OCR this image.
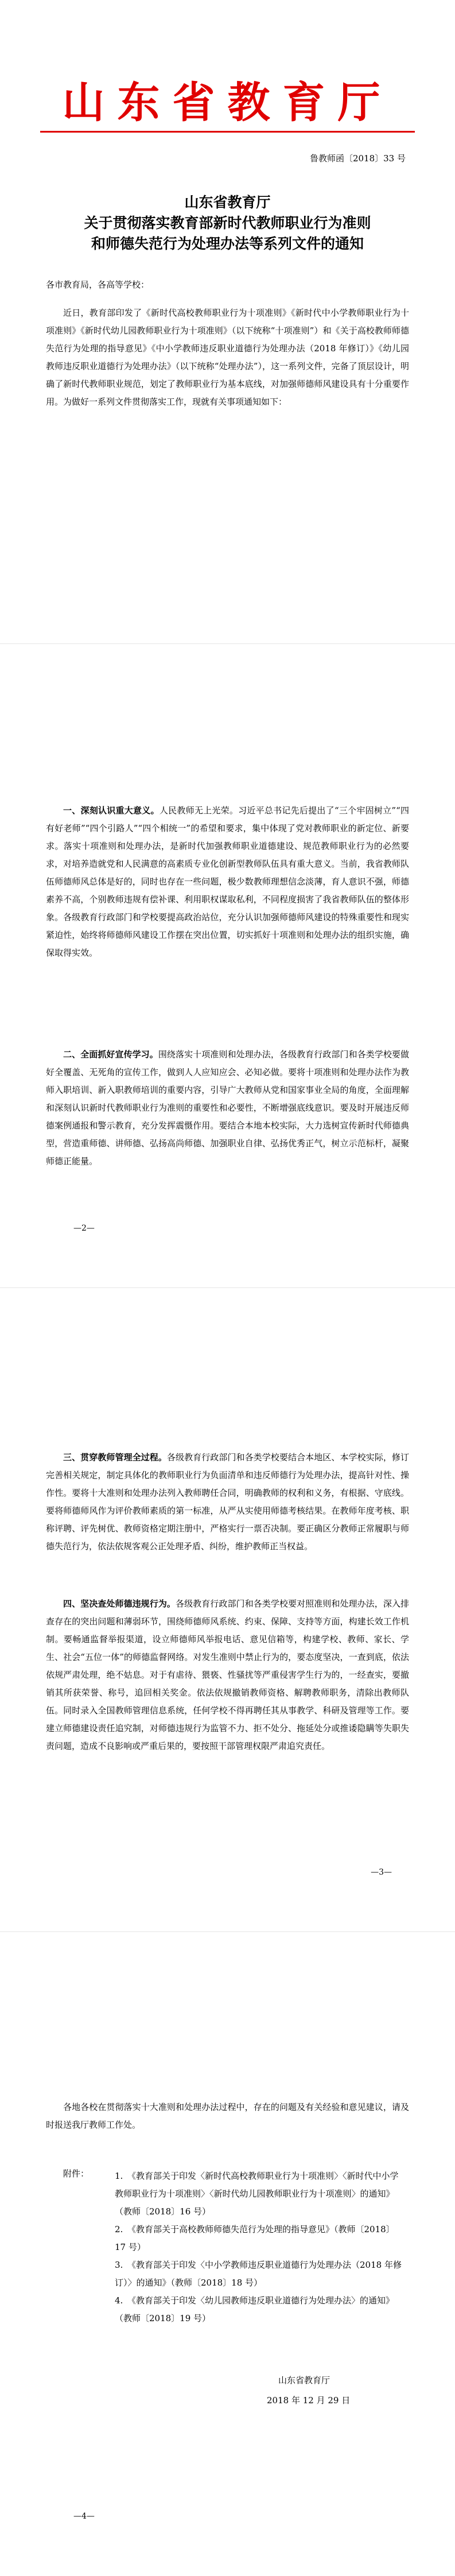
山东省教育厅
鲁教师函〔2018〕33 号
山东省教育厅
关于贯彻落实教育部新时代教师职业行为准则
和师德失范行为处理办法等系列文件的通知
各市教育局，各高等学校：
近日，教育部印发了《新时代高校教师职业行为十项准则》《新时代中小学教师职业行为十项准则》《新时代幼儿园教师职业行为十项准则》（以下统称“十项准则”）和《关于高校教师师德失范行为处理的指导意见》《中小学教师违反职业道德行为处理办法（2018 年修订）》《幼儿园教师违反职业道德行为处理办法》（以下统称“处理办法”），这一系列文件，完备了顶层设计，明确了新时代教师职业规范，划定了教师职业行为基本底线，对加强师德师风建设具有十分重要作用。为做好一系列文件贯彻落实工作，现就有关事项通知如下：
一、深刻认识重大意义。人民教师无上光荣。习近平总书记先后提出了“三个牢固树立”“四有好老师”“四个引路人”“四个相统一”的希望和要求，集中体现了党对教师职业的新定位、新要求。落实十项准则和处理办法，是新时代加强教师职业道德建设、规范教师职业行为的必然要求，对培养造就党和人民满意的高素质专业化创新型教师队伍具有重大意义。当前，我省教师队伍师德师风总体是好的，同时也存在一些问题，极少数教师理想信念淡薄，育人意识不强，师德素养不高，个别教师违规有偿补课、利用职权谋取私利，不同程度损害了我省教师队伍的整体形象。各级教育行政部门和学校要提高政治站位，充分认识加强师德师风建设的特殊重要性和现实紧迫性，始终将师德师风建设工作摆在突出位置，切实抓好十项准则和处理办法的组织实施，确保取得实效。
二、全面抓好宣传学习。围绕落实十项准则和处理办法，各级教育行政部门和各类学校要做好全覆盖、无死角的宣传工作，做到人人应知应会、必知必做。要将十项准则和处理办法作为教师入职培训、新入职教师培训的重要内容，引导广大教师从党和国家事业全局的角度，全面理解和深刻认识新时代教师职业行为准则的重要性和必要性，不断增强底线意识。要及时开展违反师德案例通报和警示教育，充分发挥震慑作用。要结合本地本校实际，大力选树宣传新时代师德典型，营造重师德、讲师德、弘扬高尚师德、加强职业自律、弘扬优秀正气，树立示范标杆，凝聚师德正能量。
—2—
三、贯穿教师管理全过程。各级教育行政部门和各类学校要结合本地区、本学校实际，修订完善相关规定，制定具体化的教师职业行为负面清单和违反师德行为处理办法，提高针对性、操作性。要将十大准则和处理办法列入教师聘任合同，明确教师的权利和义务，有根据、守底线。要将师德师风作为评价教师素质的第一标准，从严从实使用师德考核结果。在教师年度考核、职称评聘、评先树优、教师资格定期注册中，严格实行一票否决制。要正确区分教师正常履职与师德失范行为，依法依规客观公正处理矛盾、纠纷，维护教师正当权益。
四、坚决查处师德违规行为。各级教育行政部门和各类学校要对照准则和处理办法，深入排查存在的突出问题和薄弱环节，围绕师德师风系统、约束、保障、支持等方面，构建长效工作机制。要畅通监督举报渠道，设立师德师风举报电话、意见信箱等，构建学校、教师、家长、学生、社会“五位一体”的师德监督网络。对发生准则中禁止行为的，要态度坚决，一查到底，依法依规严肃处理，绝不姑息。对于有虐待、猥亵、性骚扰等严重侵害学生行为的，一经查实，要撤销其所获荣誉、称号，追回相关奖金。依法依规撤销教师资格、解聘教师职务，清除出教师队伍。同时录入全国教师管理信息系统，任何学校不得再聘任其从事教学、科研及管理等工作。要建立师德建设责任追究制，对师德违规行为监管不力、拒不处分、拖延处分或推诿隐瞒等失职失责问题，造成不良影响或严重后果的，要按照干部管理权限严肃追究责任。
—3—
各地各校在贯彻落实十大准则和处理办法过程中，存在的问题及有关经验和意见建议，请及时报送我厅教师工作处。
附件：	1. 《教育部关于印发〈新时代高校教师职业行为十项准则〉〈新时代中小学教师职业行为十项准则〉〈新时代幼儿园教师职业行为十项准则〉的通知》（教师〔2018〕16 号）
2. 《教育部关于高校教师师德失范行为处理的指导意见》（教师〔2018〕17 号）
3. 《教育部关于印发〈中小学教师违反职业道德行为处理办法（2018 年修订）〉的通知》（教师〔2018〕18 号）
4. 《教育部关于印发〈幼儿园教师违反职业道德行为处理办法〉的通知》（教师〔2018〕19 号）
山东省教育厅
2018 年 12 月 29 日
—4—
